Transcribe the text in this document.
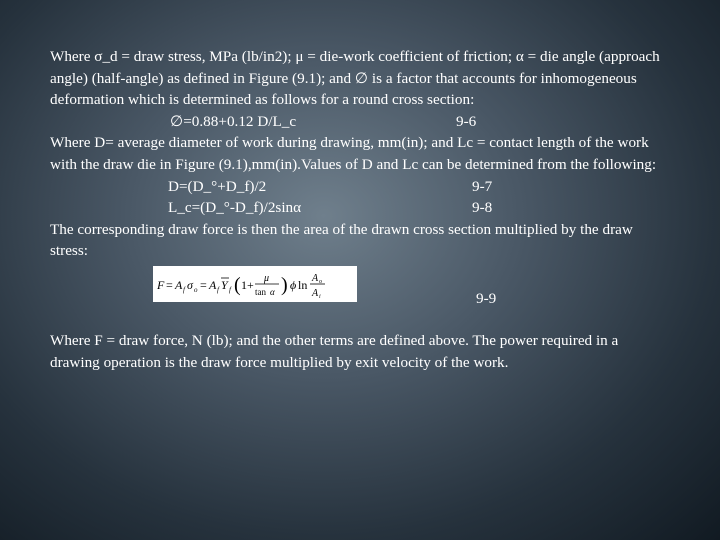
Where σ_d = draw stress, MPa (lb/in2); μ = die-work coefficient of friction; α = die angle (approach angle) (half-angle) as defined in Figure (9.1); and ∅ is a factor that accounts for inhomogeneous deformation which is determined as follows for a round cross section:

∅=0.88+0.12 D/L_c	9-6

Where D= average diameter of work during drawing, mm(in); and Lc = contact length of the work with the draw die in Figure (9.1),mm(in).Values of D and Lc can be determined from the following:

D=(D_°+D_f)/2	9-7
L_c=(D_°-D_f)/2sinα	9-8

The corresponding draw force is then the area of the drawn cross section multiplied by the draw stress:

F = A f σ o = A f Y f ( 1+ μ
tan α ) ϕ ln A o
A i	9-9

Where F = draw force, N (lb); and the other terms are defined above. The power required in a drawing operation is the draw force multiplied by exit velocity of the work.
